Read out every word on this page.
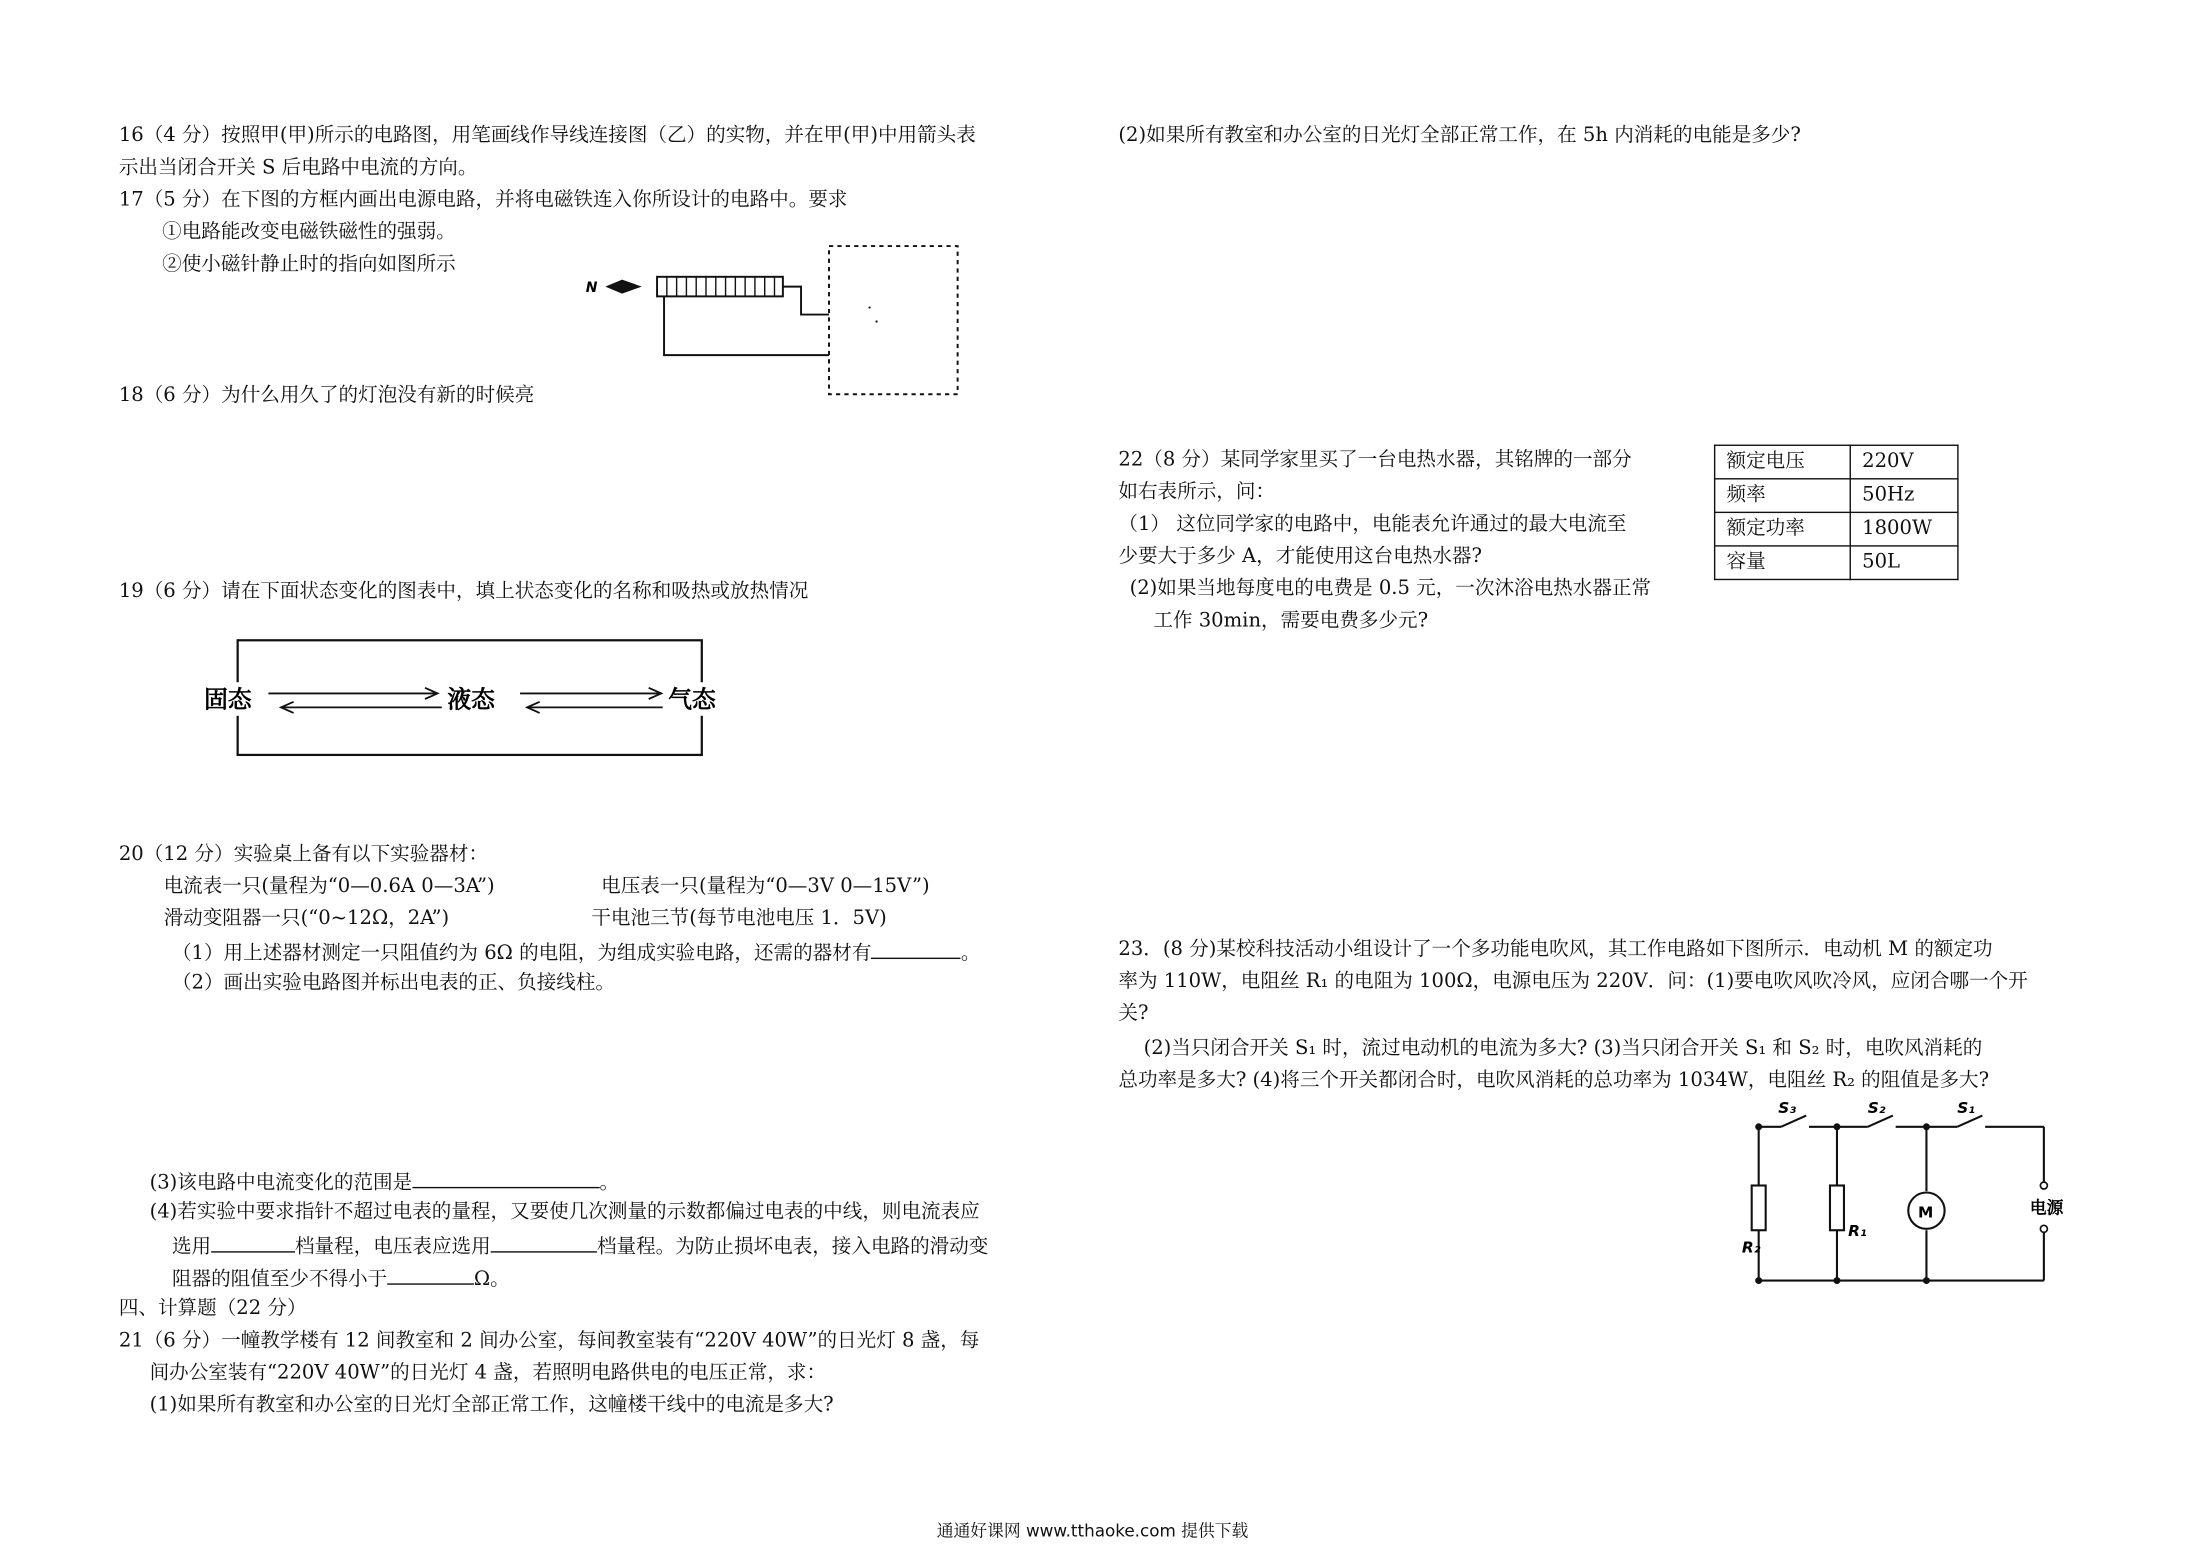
16（4 分）按照甲(甲)所示的电路图，用笔画线作导线连接图（乙）的实物，并在甲(甲)中用箭头表
示出当闭合开关 S 后电路中电流的方向。
17（5 分）在下图的方框内画出电源电路，并将电磁铁连入你所设计的电路中。要求
①电路能改变电磁铁磁性的强弱。
②使小磁针静止时的指向如图所示
N
18（6 分）为什么用久了的灯泡没有新的时候亮
19（6 分）请在下面状态变化的图表中，填上状态变化的名称和吸热或放热情况
固态	液态	气态
20（12 分）实验桌上备有以下实验器材：
电流表一只(量程为“0—0.6A 0—3A”)	电压表一只(量程为“0—3V 0—15V”)
滑动变阻器一只(“0~12Ω，2A”)	干电池三节(每节电池电压 1．5V)
（1）用上述器材测定一只阻值约为 6Ω 的电阻，为组成实验电路，还需的器材有	。
（2）画出实验电路图并标出电表的正、负接线柱。
(3)该电路中电流变化的范围是	。
(4)若实验中要求指针不超过电表的量程，又要使几次测量的示数都偏过电表的中线，则电流表应
选用	档量程，电压表应选用	档量程。为防止损坏电表，接入电路的滑动变
阻器的阻值至少不得小于	Ω。
四、计算题（22 分）
21（6 分）一幢教学楼有 12 间教室和 2 间办公室，每间教室装有“220V 40W”的日光灯 8 盏，每
间办公室装有“220V 40W”的日光灯 4 盏，若照明电路供电的电压正常，求：
(1)如果所有教室和办公室的日光灯全部正常工作，这幢楼干线中的电流是多大?
(2)如果所有教室和办公室的日光灯全部正常工作，在 5h 内消耗的电能是多少?
22（8 分）某同学家里买了一台电热水器，其铭牌的一部分
如右表所示，问：
（1） 这位同学家的电路中，电能表允许通过的最大电流至
少要大于多少 A，才能使用这台电热水器?
(2)如果当地每度电的电费是 0.5 元，一次沐浴电热水器正常
工作 30min，需要电费多少元?
额定电压	220V
频率	50Hz
额定功率	1800W
容量	50L
23．(8 分)某校科技活动小组设计了一个多功能电吹风，其工作电路如下图所示．电动机 M 的额定功
率为 110W，电阻丝 R₁ 的电阻为 100Ω，电源电压为 220V．问：(1)要电吹风吹冷风，应闭合哪一个开
关?
(2)当只闭合开关 S₁ 时，流过电动机的电流为多大? (3)当只闭合开关 S₁ 和 S₂ 时，电吹风消耗的
总功率是多大? (4)将三个开关都闭合时，电吹风消耗的总功率为 1034W，电阻丝 R₂ 的阻值是多大?
M
S₃	S₂	S₁
R₂
R₁
电源
通通好课网 www.tthaoke.com 提供下载
